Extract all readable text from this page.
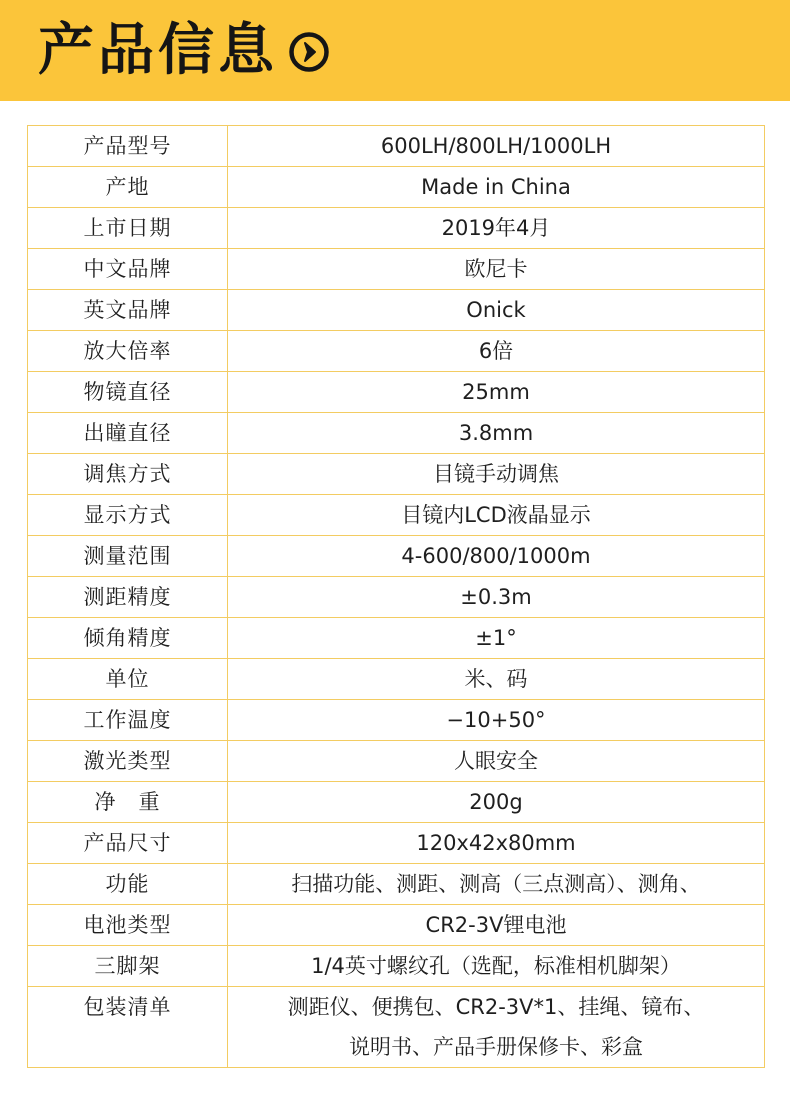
产品信息
产品型号	600LH/800LH/1000LH
产地	Made in China
上市日期	2019年4月
中文品牌	欧尼卡
英文品牌	Onick
放大倍率	6倍
物镜直径	25mm
出瞳直径	3.8mm
调焦方式	目镜手动调焦
显示方式	目镜内LCD液晶显示
测量范围	4-600/800/1000m
测距精度	±0.3m
倾角精度	±1°
单位	米、码
工作温度	−10+50°
激光类型	人眼安全
净　重	200g
产品尺寸	120x42x80mm
功能	扫描功能、测距、测高（三点测高）、测角、
电池类型	CR2-3V锂电池
三脚架	1/4英寸螺纹孔（选配，标准相机脚架）
包装清单	测距仪、便携包、CR2-3V*1、挂绳、镜布、
说明书、产品手册保修卡、彩盒
